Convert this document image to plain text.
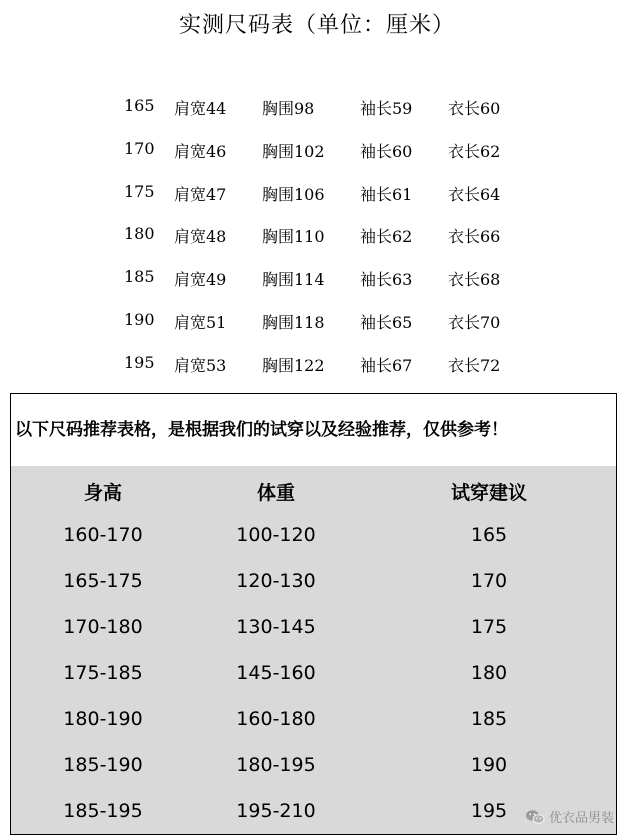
实测尺码表（单位：厘米）
165 肩宽44 胸围98	袖长59 衣长60
170 肩宽46 胸围102 袖长60 衣长62
175 肩宽47 胸围106 袖长61 衣长64
180 肩宽48 胸围110 袖长62 衣长66
185 肩宽49 胸围114 袖长63 衣长68
190 肩宽51 胸围118 袖长65 衣长70
195 肩宽53 胸围122 袖长67 衣长72
以下尺码推荐表格，是根据我们的试穿以及经验推荐，仅供参考！
身高	体重	试穿建议
160-170	100-120	165
165-175	120-130	170
170-180	130-145	175
175-185	145-160	180
180-190	160-180	185
185-190	180-195	190
185-195	195-210	195	优衣品男装
